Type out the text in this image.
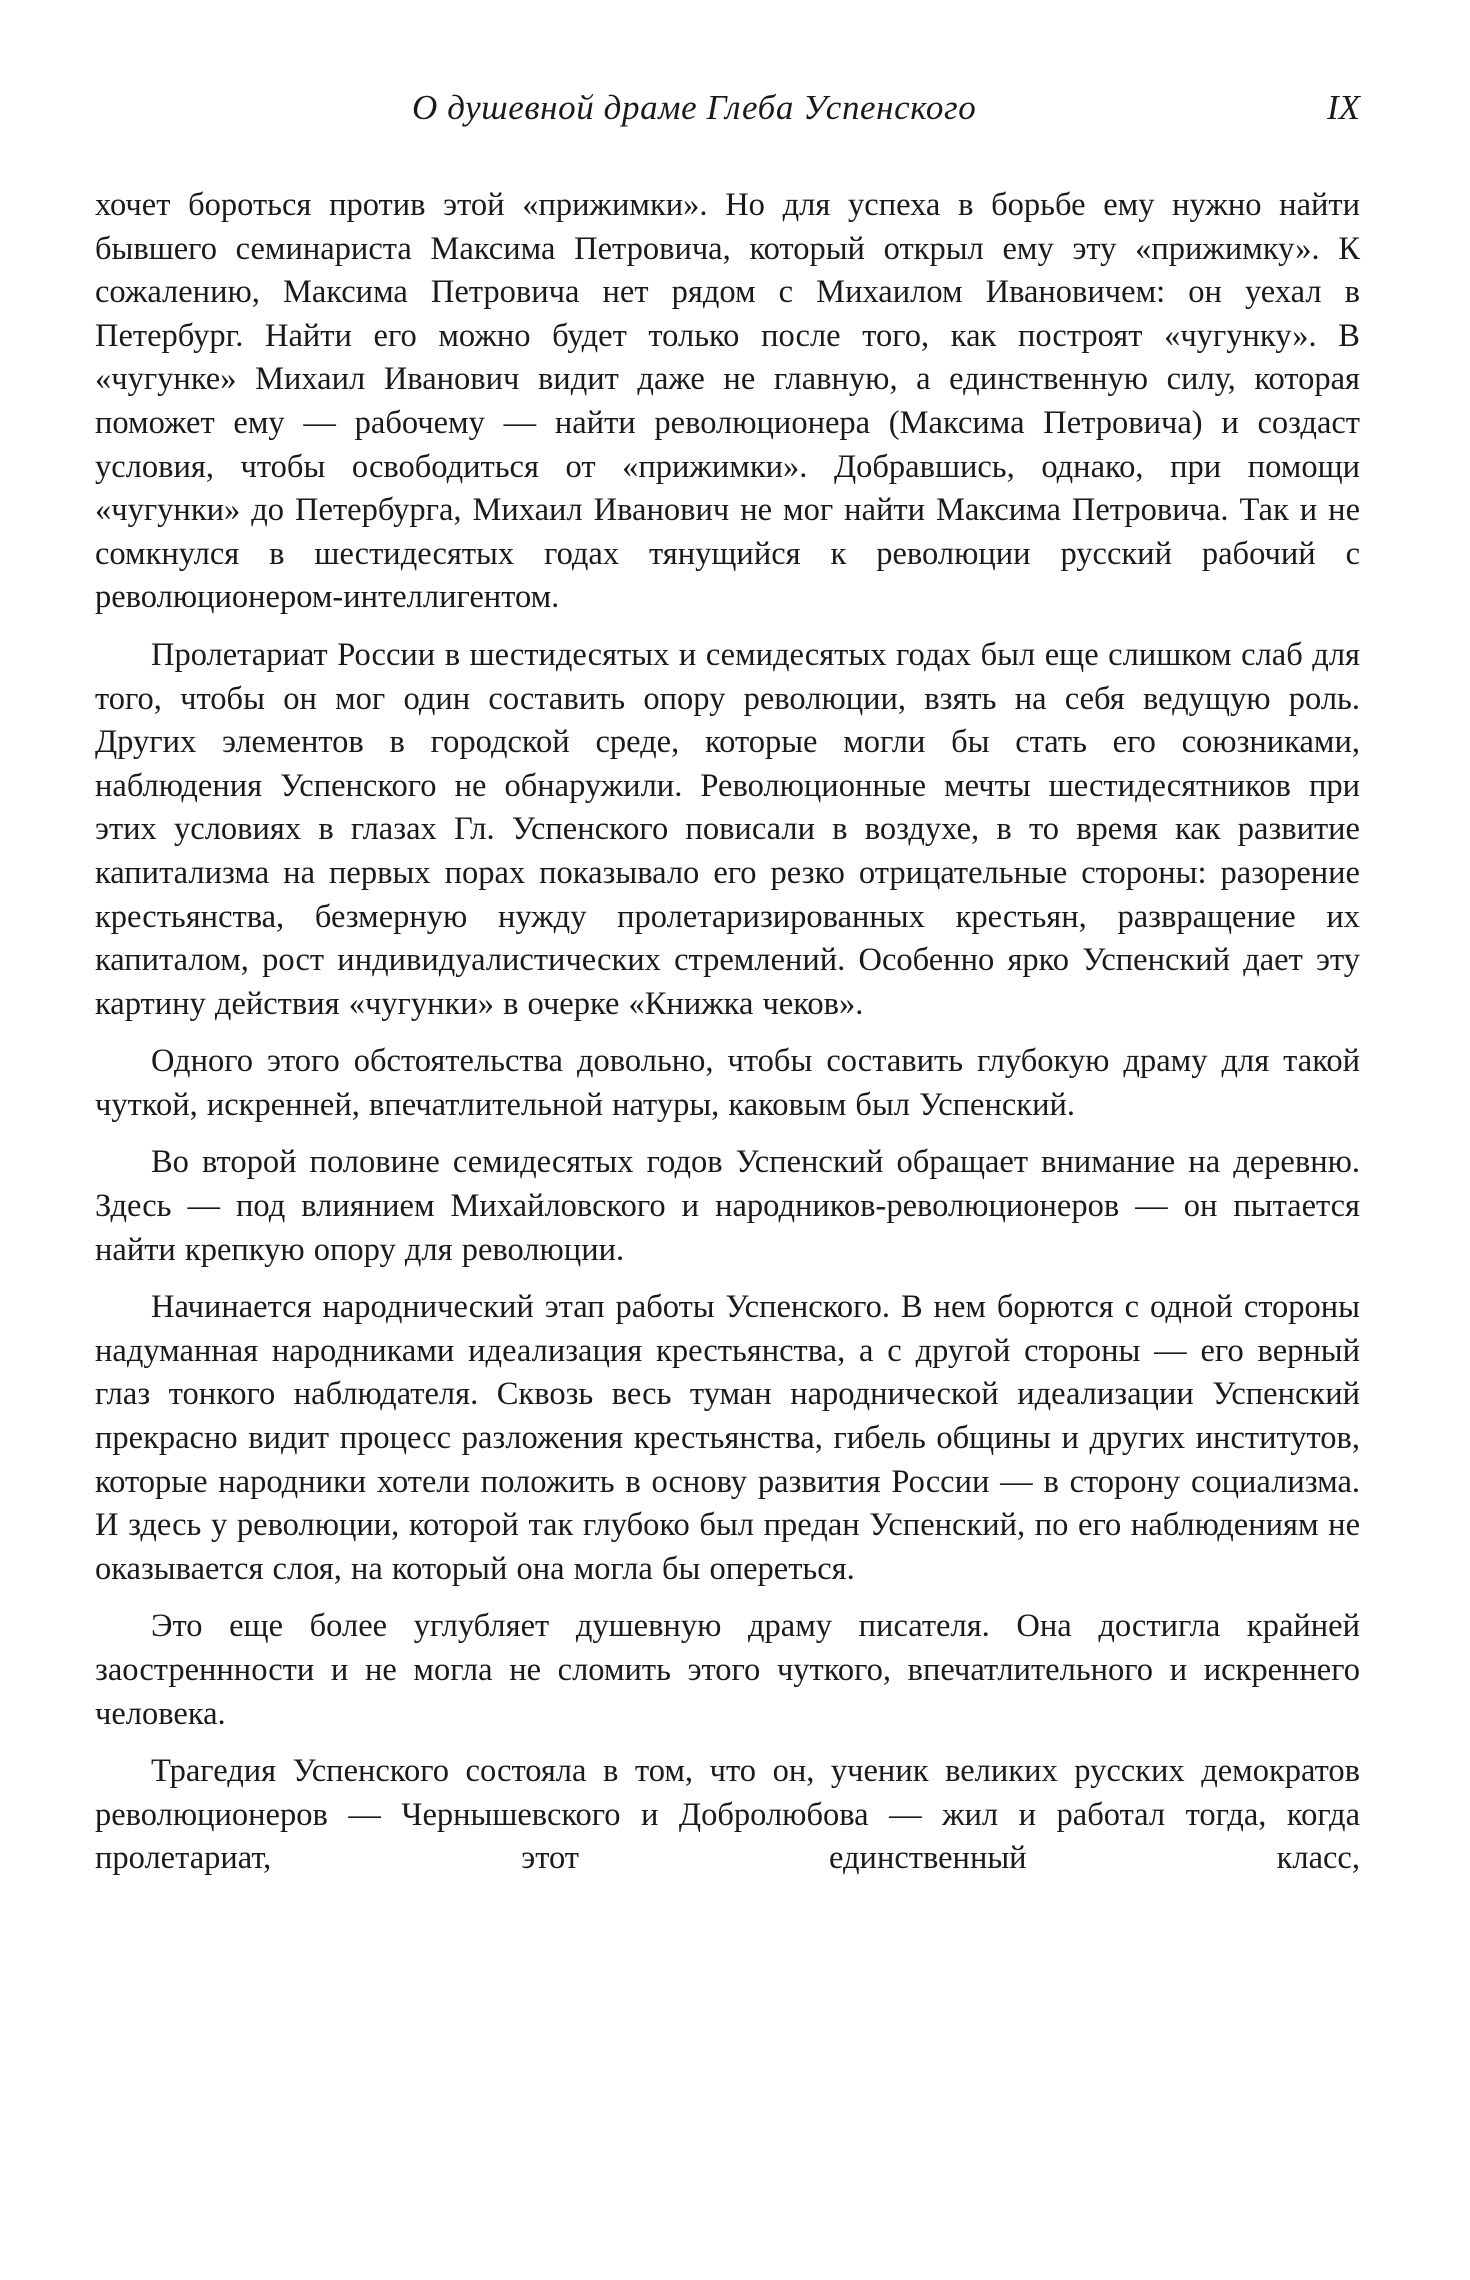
О душевной драме Глеба Успенского	IX

хочет бороться против этой «прижимки». Но для успеха в борьбе ему нужно найти бывшего семинариста Максима Петровича, который открыл ему эту «прижимку». К сожалению, Максима Петровича нет рядом с Михаилом Ивановичем: он уехал в Петербург. Найти его можно будет только после того, как построят «чугунку». В «чугунке» Михаил Иванович видит даже не главную, а единственную силу, которая поможет ему — рабочему — найти революционера (Максима Петровича) и создаст условия, чтобы освободиться от «прижимки». Добравшись, однако, при помощи «чугунки» до Петербурга, Михаил Иванович не мог найти Максима Петровича. Так и не сомкнулся в шестидесятых годах тянущийся к революции русский рабочий с революционером-интеллигентом.

Пролетариат России в шестидесятых и семидесятых годах был еще слишком слаб для того, чтобы он мог один составить опору революции, взять на себя ведущую роль. Других элементов в городской среде, которые могли бы стать его союзниками, наблюдения Успенского не обнаружили. Революционные мечты шестидесятников при этих условиях в глазах Гл. Успенского повисали в воздухе, в то время как развитие капитализма на первых порах показывало его резко отрицательные стороны: разорение крестьянства, безмерную нужду пролетаризированных крестьян, развращение их капиталом, рост индивидуалистических стремлений. Особенно ярко Успенский дает эту картину действия «чугунки» в очерке «Книжка чеков».

Одного этого обстоятельства довольно, чтобы составить глубокую драму для такой чуткой, искренней, впечатлительной натуры, каковым был Успенский.

Во второй половине семидесятых годов Успенский обращает внимание на деревню. Здесь — под влиянием Михайловского и народников-революционеров — он пытается найти крепкую опору для революции.

Начинается народнический этап работы Успенского. В нем борются с одной стороны надуманная народниками идеализация крестьянства, а с другой стороны — его верный глаз тонкого наблюдателя. Сквозь весь туман народнической идеализации Успенский прекрасно видит процесс разложения крестьянства, гибель общины и других институтов, которые народники хотели положить в основу развития России — в сторону социализма. И здесь у революции, которой так глубоко был предан Успенский, по его наблюдениям не оказывается слоя, на который она могла бы опереться.

Это еще более углубляет душевную драму писателя. Она достигла крайней заостреннности и не могла не сломить этого чуткого, впечатлительного и искреннего человека.

Трагедия Успенского состояла в том, что он, ученик великих русских демократов революционеров — Чернышевского и Добролюбова — жил и работал тогда, когда пролетариат, этот единственный класс,
